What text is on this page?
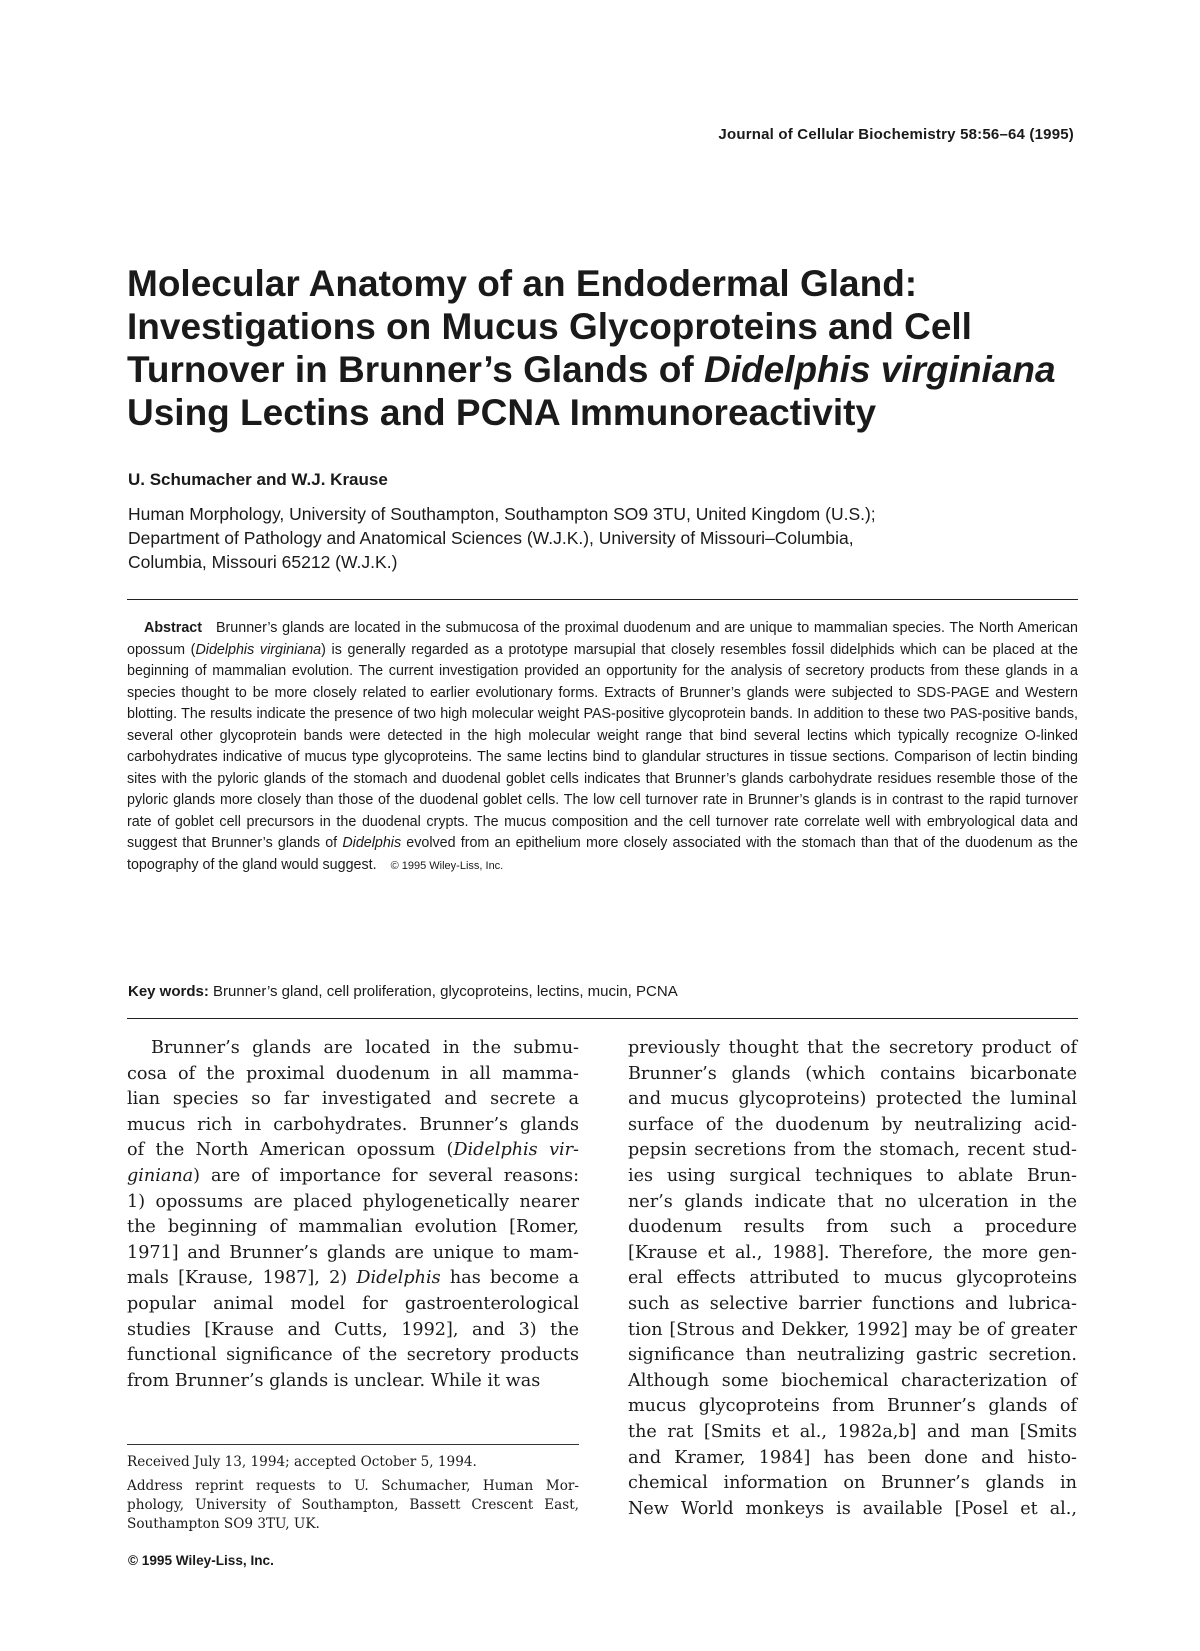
Journal of Cellular Biochemistry 58:56–64 (1995)
Molecular Anatomy of an Endodermal Gland:
Investigations on Mucus Glycoproteins and Cell
Turnover in Brunner’s Glands of Didelphis virginiana
Using Lectins and PCNA Immunoreactivity
U. Schumacher and W.J. Krause
Human Morphology, University of Southampton, Southampton SO9 3TU, United Kingdom (U.S.);
Department of Pathology and Anatomical Sciences (W.J.K.), University of Missouri–Columbia,
Columbia, Missouri 65212 (W.J.K.)

Abstract Brunner’s glands are located in the submucosa of the proximal duodenum and are unique to mammalian species. The North American opossum (Didelphis virginiana) is generally regarded as a prototype marsupial that closely resembles fossil didelphids which can be placed at the beginning of mammalian evolution. The current investigation provided an opportunity for the analysis of secretory products from these glands in a species thought to be more closely related to earlier evolutionary forms. Extracts of Brunner’s glands were subjected to SDS-PAGE and Western blotting. The results indicate the presence of two high molecular weight PAS-positive glycoprotein bands. In addition to these two PAS-positive bands, several other glycoprotein bands were detected in the high molecular weight range that bind several lectins which typically recognize O-linked carbohydrates indicative of mucus type glycoproteins. The same lectins bind to glandular structures in tissue sections. Comparison of lectin binding sites with the pyloric glands of the stomach and duodenal goblet cells indicates that Brunner’s glands carbohydrate residues resemble those of the pyloric glands more closely than those of the duodenal goblet cells. The low cell turnover rate in Brunner’s glands is in contrast to the rapid turnover rate of goblet cell precursors in the duodenal crypts. The mucus composition and the cell turnover rate correlate well with embryological data and suggest that Brunner’s glands of Didelphis evolved from an epithelium more closely associated with the stomach than that of the duodenum as the topography of the gland would suggest. © 1995 Wiley-Liss, Inc.

Key words: Brunner’s gland, cell proliferation, glycoproteins, lectins, mucin, PCNA
Brunner’s glands are located in the submu-
cosa of the proximal duodenum in all mamma-
lian species so far investigated and secrete a
mucus rich in carbohydrates. Brunner’s glands
of the North American opossum (Didelphis vir-
giniana) are of importance for several reasons:
1) opossums are placed phylogenetically nearer
the beginning of mammalian evolution [Romer,
1971] and Brunner’s glands are unique to mam-
mals [Krause, 1987], 2) Didelphis has become a
popular animal model for gastroenterological
studies [Krause and Cutts, 1992], and 3) the
functional significance of the secretory products
from Brunner’s glands is unclear. While it was
previously thought that the secretory product of
Brunner’s glands (which contains bicarbonate
and mucus glycoproteins) protected the luminal
surface of the duodenum by neutralizing acid-
pepsin secretions from the stomach, recent stud-
ies using surgical techniques to ablate Brun-
ner’s glands indicate that no ulceration in the
duodenum results from such a procedure
[Krause et al., 1988]. Therefore, the more gen-
eral effects attributed to mucus glycoproteins
such as selective barrier functions and lubrica-
tion [Strous and Dekker, 1992] may be of greater
significance than neutralizing gastric secretion.
Although some biochemical characterization of
mucus glycoproteins from Brunner’s glands of
the rat [Smits et al., 1982a,b] and man [Smits
and Kramer, 1984] has been done and histo-
chemical information on Brunner’s glands in
New World monkeys is available [Posel et al.,

Received July 13, 1994; accepted October 5, 1994.

Address reprint requests to U. Schumacher, Human Mor-
phology, University of Southampton, Bassett Crescent East,
Southampton SO9 3TU, UK.

© 1995 Wiley-Liss, Inc.
